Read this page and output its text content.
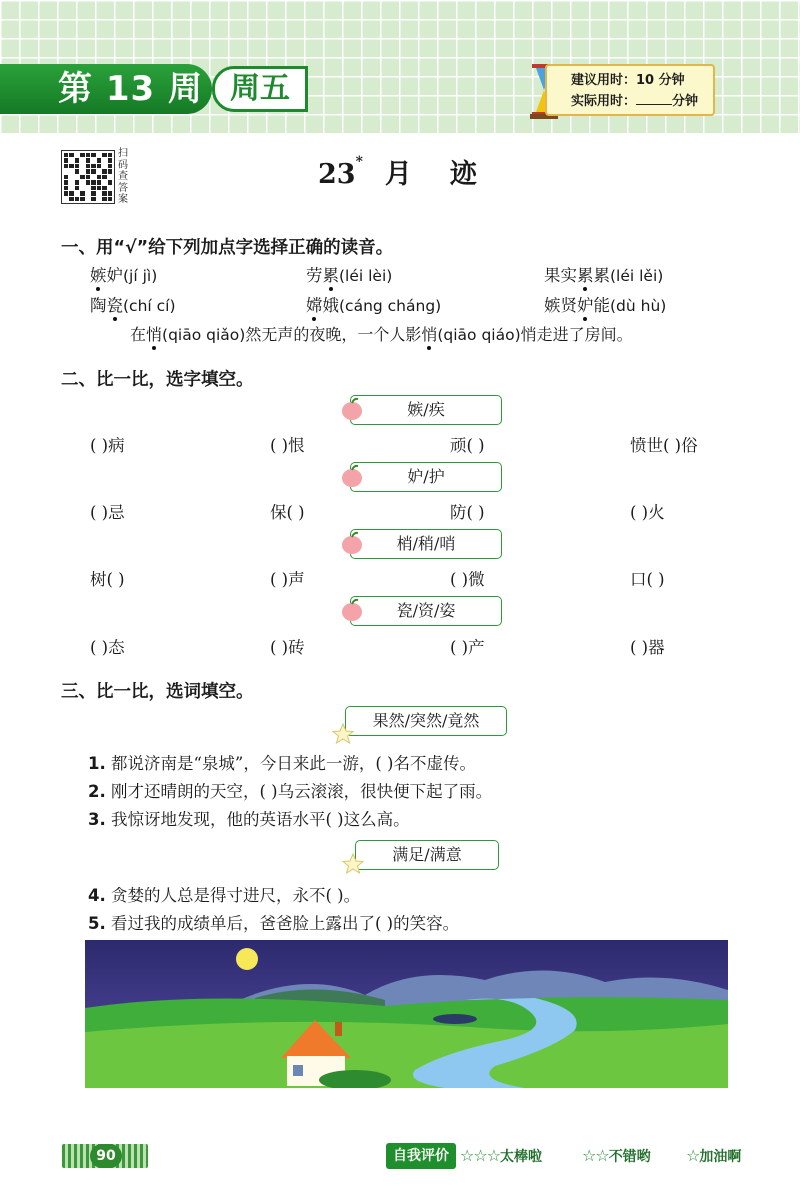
第 13 周 周五	建议用时：10 分钟
实际用时：	分钟
扫码查答案
23* 月迹
一、用“√”给下列加点字选择正确的读音。
嫉妒(jí jì)	劳累(léi lèi)	果实累累(léi lěi)
陶瓷(chí cí)	嫦娥(cáng cháng)	嫉贤妒能(dù hù)
在悄(qiāo qiǎo)然无声的夜晚，一个人影悄(qiāo qiáo)悄走进了房间。
二、比一比，选字填空。
嫉/疾
( )病	( )恨	顽( )	愤世( )俗
妒/护
( )忌	保( )	防( )	( )火
梢/稍/哨
树( )	( )声	( )微	口( )
瓷/资/姿
( )态	( )砖	( )产	( )器
三、比一比，选词填空。
果然/突然/竟然
1. 都说济南是“泉城”，今日来此一游，( )名不虚传。
2. 刚才还晴朗的天空，( )乌云滚滚，很快便下起了雨。
3. 我惊讶地发现，他的英语水平( )这么高。
满足/满意
4. 贪婪的人总是得寸进尺，永不( )。
5. 看过我的成绩单后，爸爸脸上露出了( )的笑容。
90	自我评价 ☆☆☆太棒啦 ☆☆不错哟 ☆加油啊
